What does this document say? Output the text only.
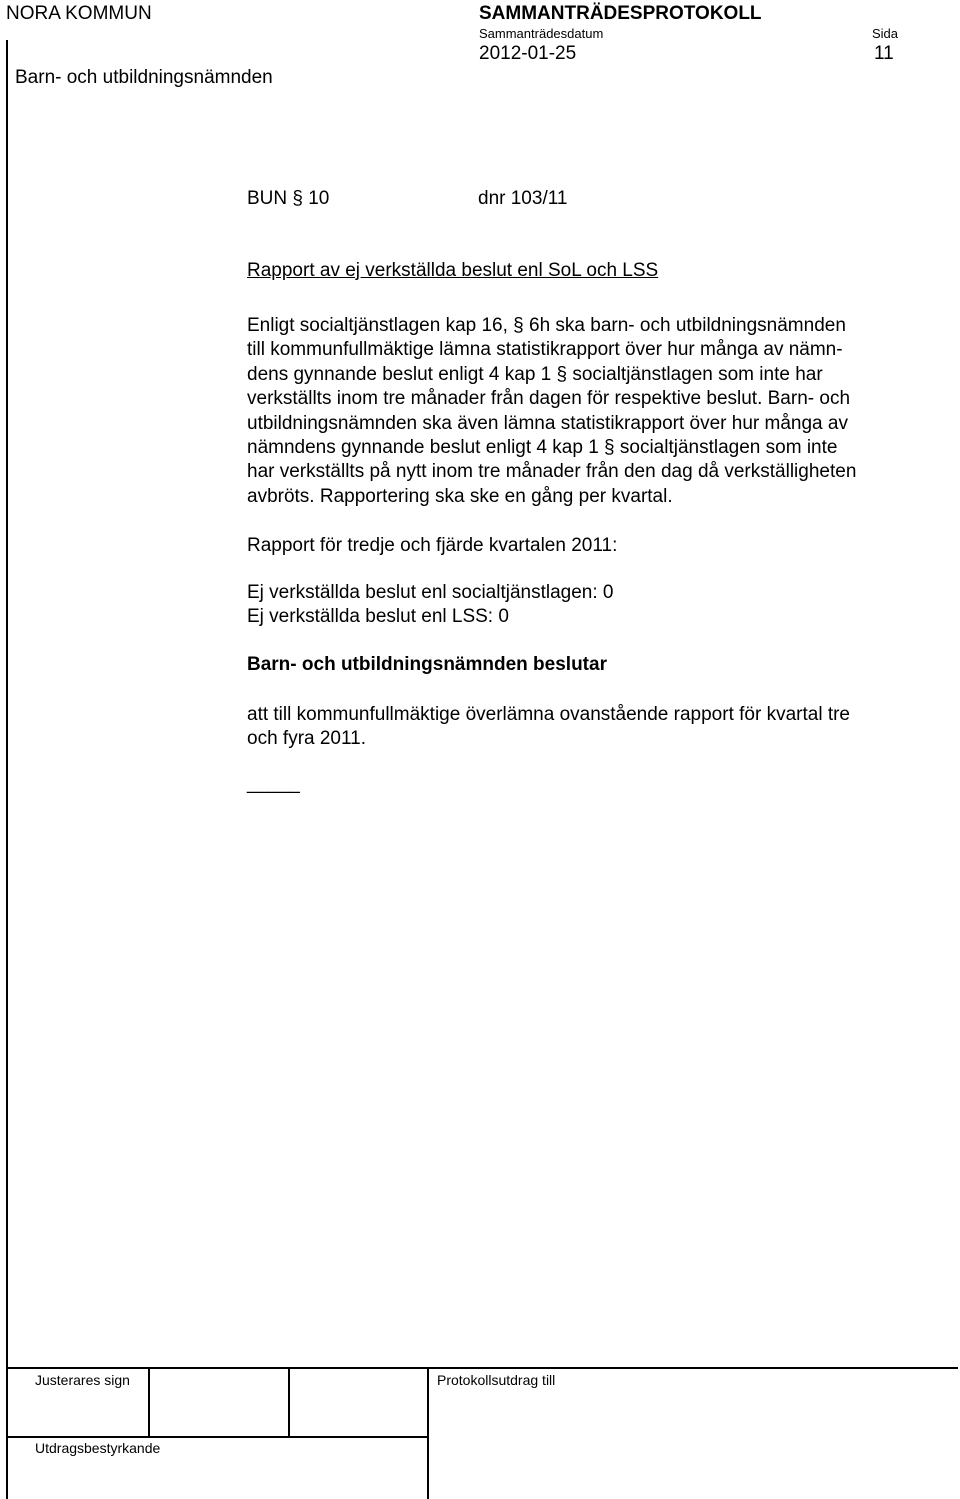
NORA KOMMUN
Barn- och utbildningsnämnden
SAMMANTRÄDESPROTOKOLL
Sammanträdesdatum
2012-01-25
Sida
11
BUN § 10	dnr 103/11
Rapport av ej verkställda beslut enl SoL och LSS
Enligt socialtjänstlagen kap 16, § 6h ska barn- och utbildningsnämnden
till kommunfullmäktige lämna statistikrapport över hur många av nämn-
dens gynnande beslut enligt 4 kap 1 § socialtjänstlagen som inte har
verkställts inom tre månader från dagen för respektive beslut. Barn- och
utbildningsnämnden ska även lämna statistikrapport över hur många av
nämndens gynnande beslut enligt 4 kap 1 § socialtjänstlagen som inte
har verkställts på nytt inom tre månader från den dag då verkställigheten
avbröts. Rapportering ska ske en gång per kvartal.
Rapport för tredje och fjärde kvartalen 2011:
Ej verkställda beslut enl socialtjänstlagen: 0
Ej verkställda beslut enl LSS: 0
Barn- och utbildningsnämnden beslutar
att till kommunfullmäktige överlämna ovanstående rapport för kvartal tre
och fyra 2011.
_____
Justerares sign	Protokollsutdrag till
Utdragsbestyrkande
